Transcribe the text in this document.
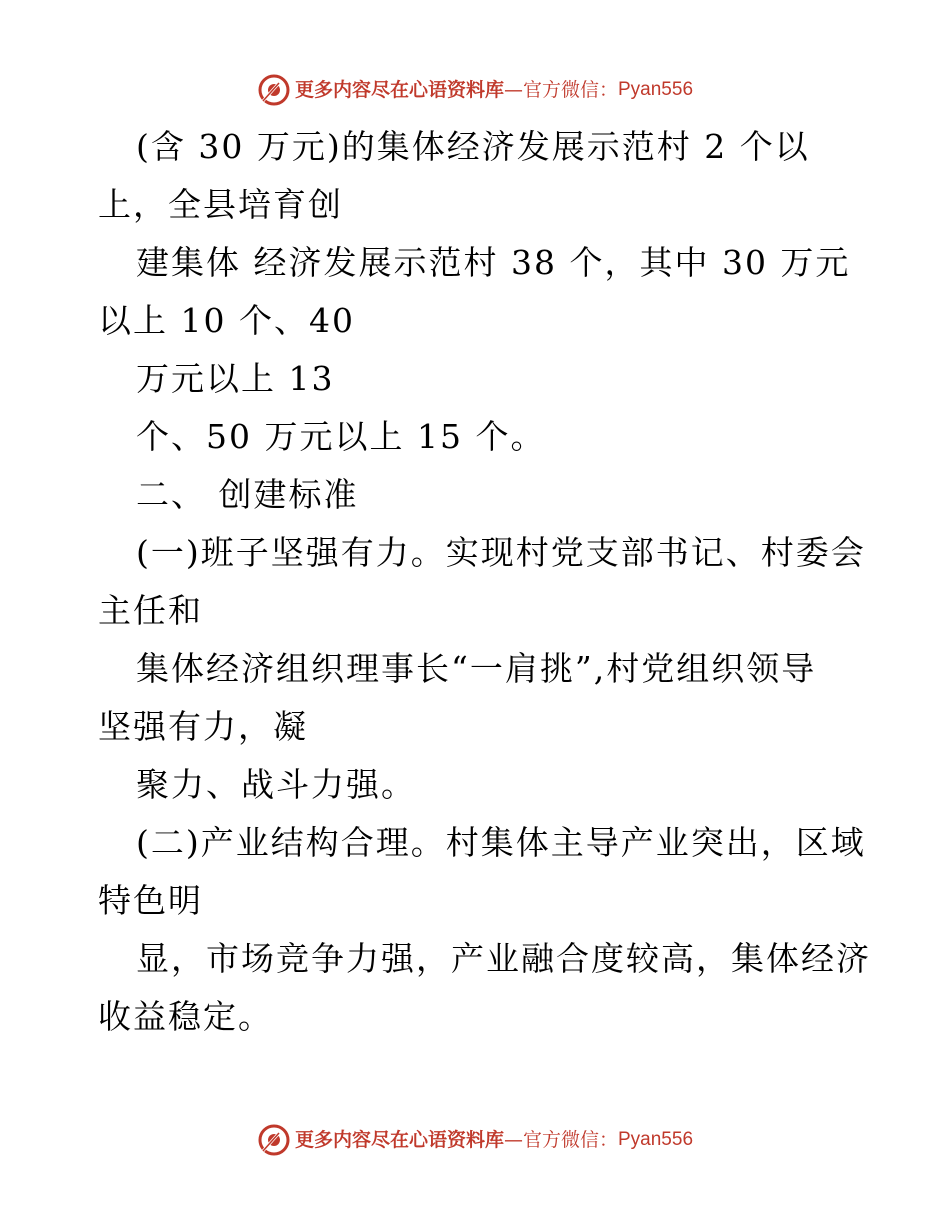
更多内容尽在心语资料库 — 官方微信： Pyan556
(含 30 万元)的集体经济发展示范村 2 个以
上，全县培育创
建集体 经济发展示范村 38 个，其中 30 万元
以上 10 个、40
万元以上 13
个、50 万元以上 15 个。
二、 创建标准
(一)班子坚强有力。实现村党支部书记、村委会
主任和
集体经济组织理事长“一肩挑”,村党组织领导
坚强有力，凝
聚力、战斗力强。
(二)产业结构合理。村集体主导产业突出，区域
特色明
显，市场竞争力强，产业融合度较高，集体经济
收益稳定。
更多内容尽在心语资料库 — 官方微信： Pyan556
